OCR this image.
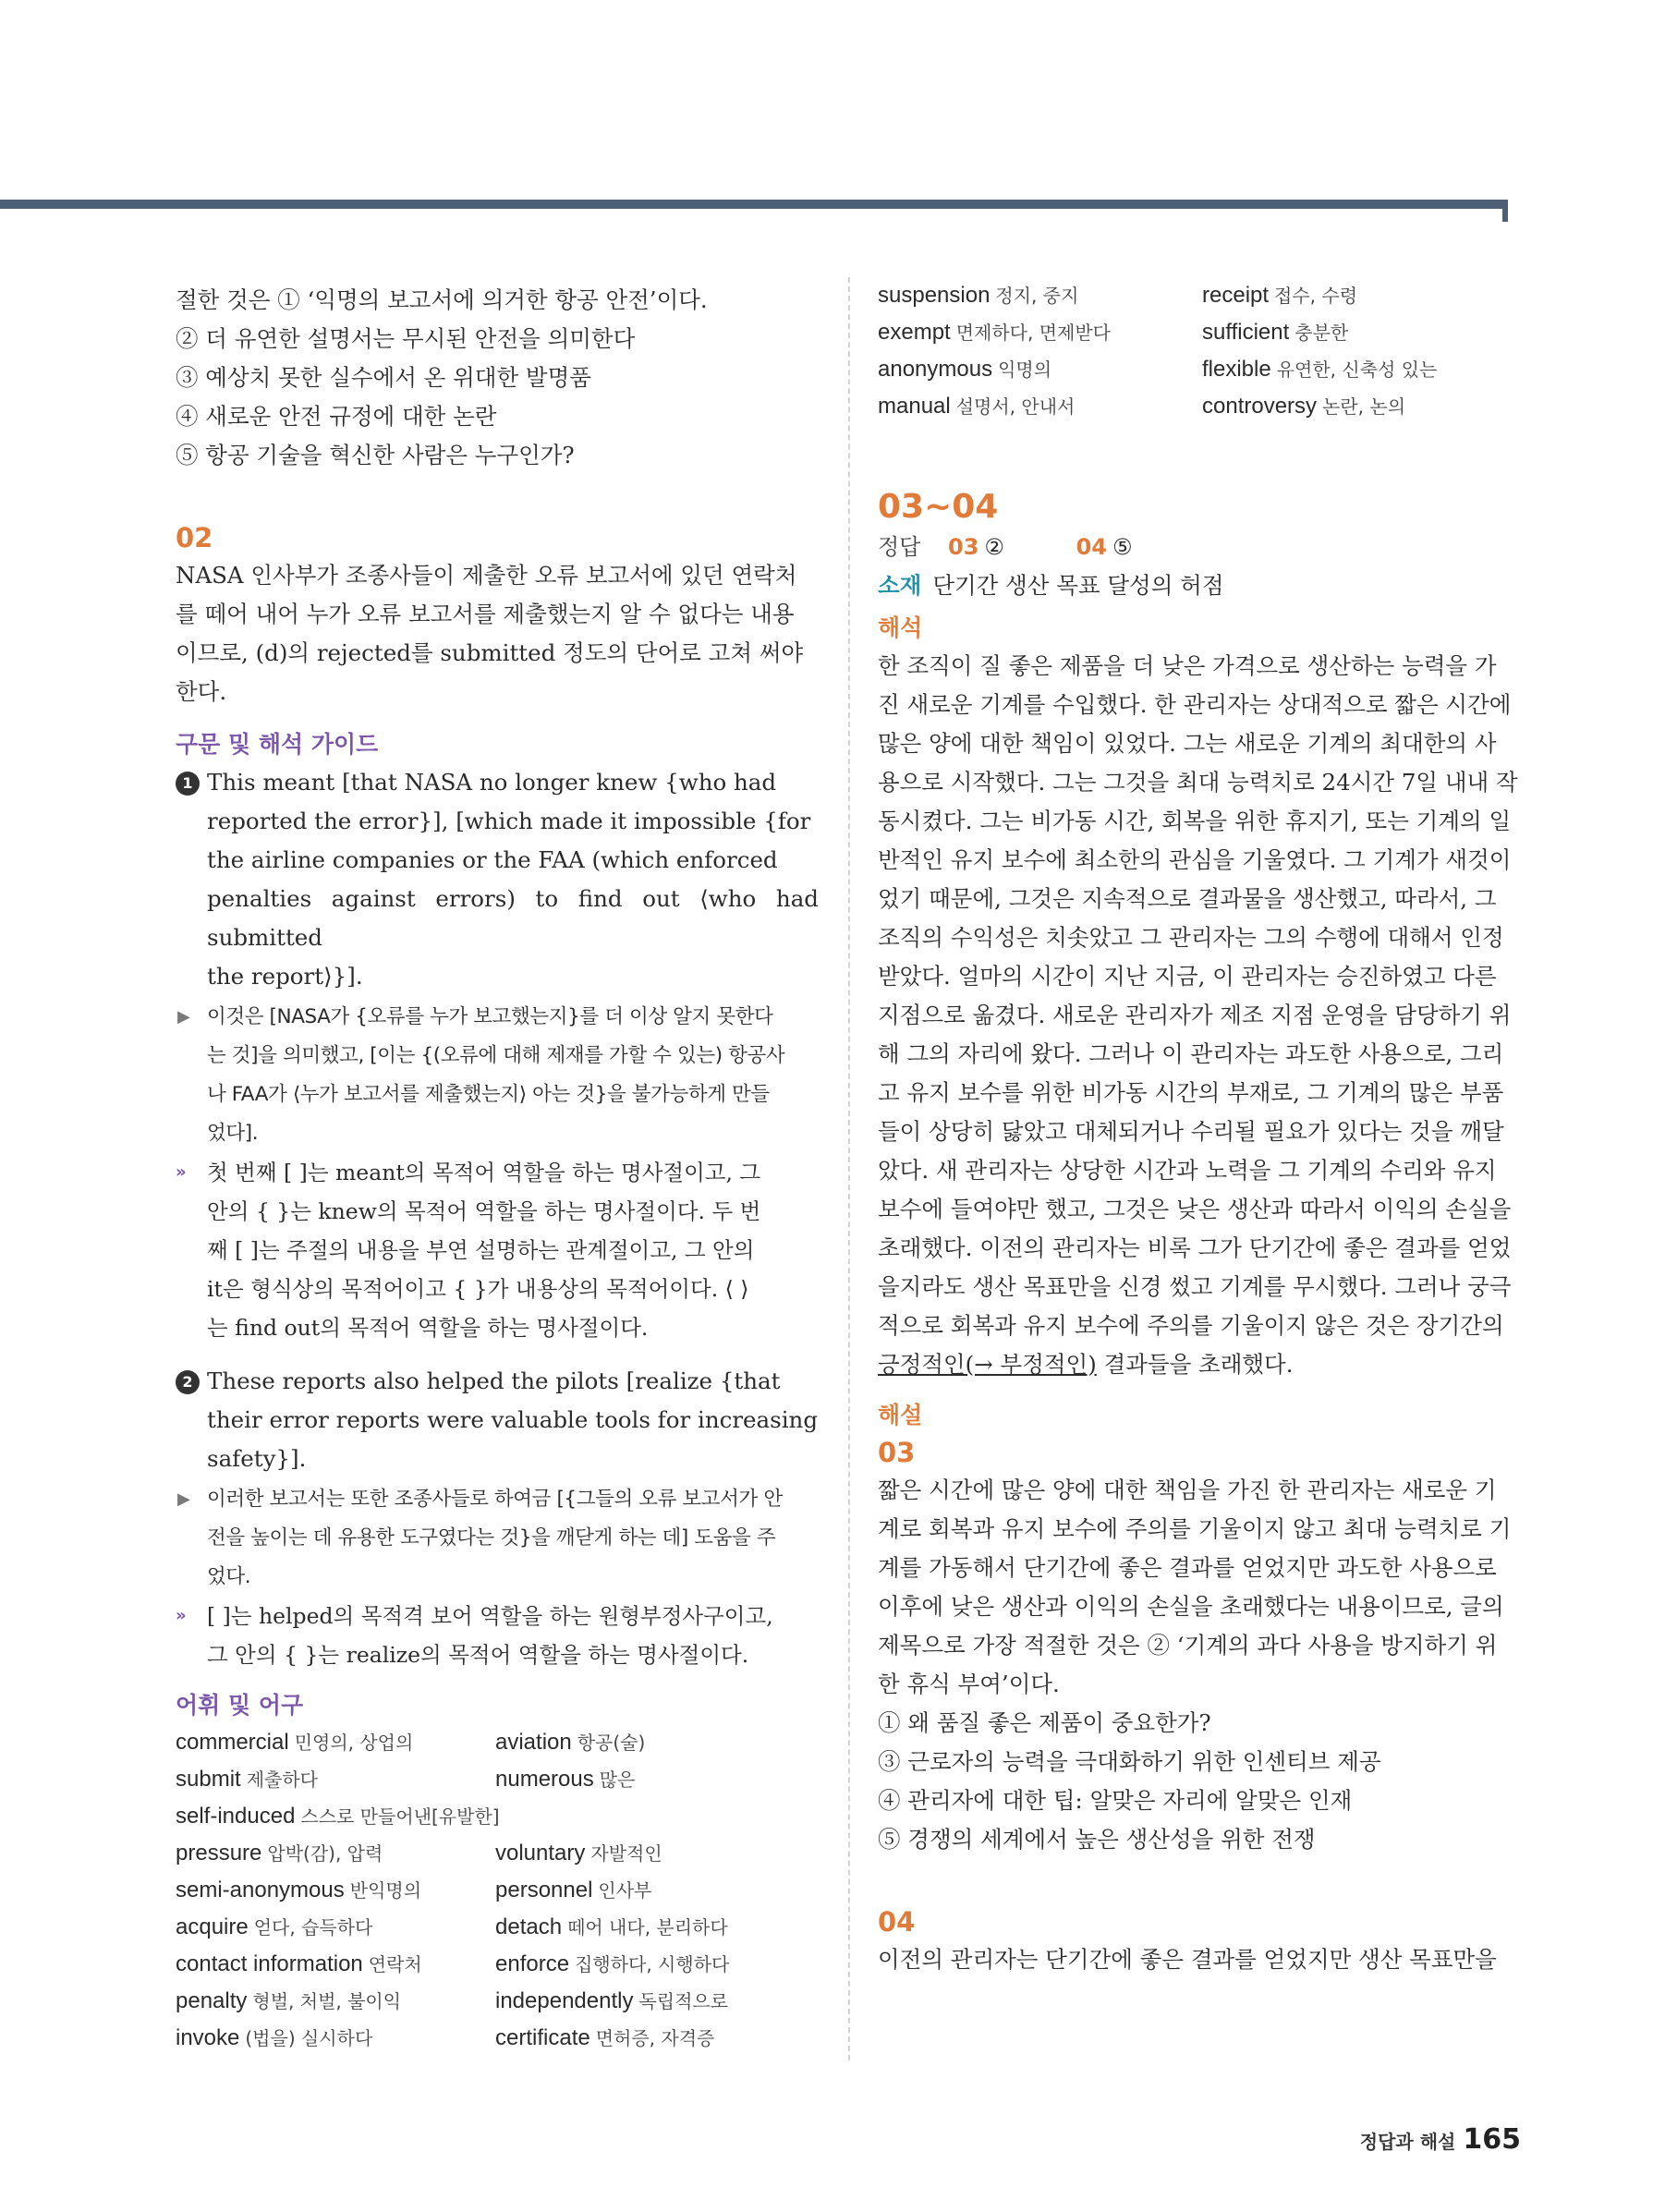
절한 것은 ① ‘익명의 보고서에 의거한 항공 안전’이다.
② 더 유연한 설명서는 무시된 안전을 의미한다
③ 예상치 못한 실수에서 온 위대한 발명품
④ 새로운 안전 규정에 대한 논란
⑤ 항공 기술을 혁신한 사람은 누구인가?
02
NASA 인사부가 조종사들이 제출한 오류 보고서에 있던 연락처
를 떼어 내어 누가 오류 보고서를 제출했는지 알 수 없다는 내용
이므로, (d)의 rejected를 submitted 정도의 단어로 고쳐 써야
한다.
구문 및 해석 가이드
1 This meant [that NASA no longer knew {who had
reported the error}], [which made it impossible {for
the airline companies or the FAA (which enforced
penalties against errors) to find out ⟨who had submitted
the report⟩}].
▶ 이것은 [NASA가 {오류를 누가 보고했는지}를 더 이상 알지 못한다
는 것]을 의미했고, [이는 {(오류에 대해 제재를 가할 수 있는) 항공사
나 FAA가 ⟨누가 보고서를 제출했는지⟩ 아는 것}을 불가능하게 만들
었다].
» 첫 번째 [ ]는 meant의 목적어 역할을 하는 명사절이고, 그
안의 { }는 knew의 목적어 역할을 하는 명사절이다. 두 번
째 [ ]는 주절의 내용을 부연 설명하는 관계절이고, 그 안의
it은 형식상의 목적어이고 { }가 내용상의 목적어이다. ⟨ ⟩
는 find out의 목적어 역할을 하는 명사절이다.
2 These reports also helped the pilots [realize {that
their error reports were valuable tools for increasing
safety}].
▶ 이러한 보고서는 또한 조종사들로 하여금 [{그들의 오류 보고서가 안
전을 높이는 데 유용한 도구였다는 것}을 깨닫게 하는 데] 도움을 주
었다.
» [ ]는 helped의 목적격 보어 역할을 하는 원형부정사구이고,
그 안의 { }는 realize의 목적어 역할을 하는 명사절이다.
어휘 및 어구
commercial 민영의, 상업의	aviation 항공(술)
submit 제출하다	numerous 많은
self-induced 스스로 만들어낸[유발한]
pressure 압박(감), 압력	voluntary 자발적인
semi-anonymous 반익명의	personnel 인사부
acquire 얻다, 습득하다	detach 떼어 내다, 분리하다
contact information 연락처	enforce 집행하다, 시행하다
penalty 형벌, 처벌, 불이익	independently 독립적으로
invoke (법을) 실시하다	certificate 면허증, 자격증
suspension 정지, 중지	receipt 접수, 수령
exempt 면제하다, 면제받다	sufficient 충분한
anonymous 익명의	flexible 유연한, 신축성 있는
manual 설명서, 안내서	controversy 논란, 논의
03~04
정답 03 ②	04 ⑤
소재 단기간 생산 목표 달성의 허점
해석
한 조직이 질 좋은 제품을 더 낮은 가격으로 생산하는 능력을 가
진 새로운 기계를 수입했다. 한 관리자는 상대적으로 짧은 시간에
많은 양에 대한 책임이 있었다. 그는 새로운 기계의 최대한의 사
용으로 시작했다. 그는 그것을 최대 능력치로 24시간 7일 내내 작
동시켰다. 그는 비가동 시간, 회복을 위한 휴지기, 또는 기계의 일
반적인 유지 보수에 최소한의 관심을 기울였다. 그 기계가 새것이
었기 때문에, 그것은 지속적으로 결과물을 생산했고, 따라서, 그
조직의 수익성은 치솟았고 그 관리자는 그의 수행에 대해서 인정
받았다. 얼마의 시간이 지난 지금, 이 관리자는 승진하였고 다른
지점으로 옮겼다. 새로운 관리자가 제조 지점 운영을 담당하기 위
해 그의 자리에 왔다. 그러나 이 관리자는 과도한 사용으로, 그리
고 유지 보수를 위한 비가동 시간의 부재로, 그 기계의 많은 부품
들이 상당히 닳았고 대체되거나 수리될 필요가 있다는 것을 깨달
았다. 새 관리자는 상당한 시간과 노력을 그 기계의 수리와 유지
보수에 들여야만 했고, 그것은 낮은 생산과 따라서 이익의 손실을
초래했다. 이전의 관리자는 비록 그가 단기간에 좋은 결과를 얻었
을지라도 생산 목표만을 신경 썼고 기계를 무시했다. 그러나 궁극
적으로 회복과 유지 보수에 주의를 기울이지 않은 것은 장기간의
긍정적인(→ 부정적인) 결과들을 초래했다.
해설
03
짧은 시간에 많은 양에 대한 책임을 가진 한 관리자는 새로운 기
계로 회복과 유지 보수에 주의를 기울이지 않고 최대 능력치로 기
계를 가동해서 단기간에 좋은 결과를 얻었지만 과도한 사용으로
이후에 낮은 생산과 이익의 손실을 초래했다는 내용이므로, 글의
제목으로 가장 적절한 것은 ② ‘기계의 과다 사용을 방지하기 위
한 휴식 부여’이다.
① 왜 품질 좋은 제품이 중요한가?
③ 근로자의 능력을 극대화하기 위한 인센티브 제공
④ 관리자에 대한 팁: 알맞은 자리에 알맞은 인재
⑤ 경쟁의 세계에서 높은 생산성을 위한 전쟁
04
이전의 관리자는 단기간에 좋은 결과를 얻었지만 생산 목표만을
정답과 해설 165
